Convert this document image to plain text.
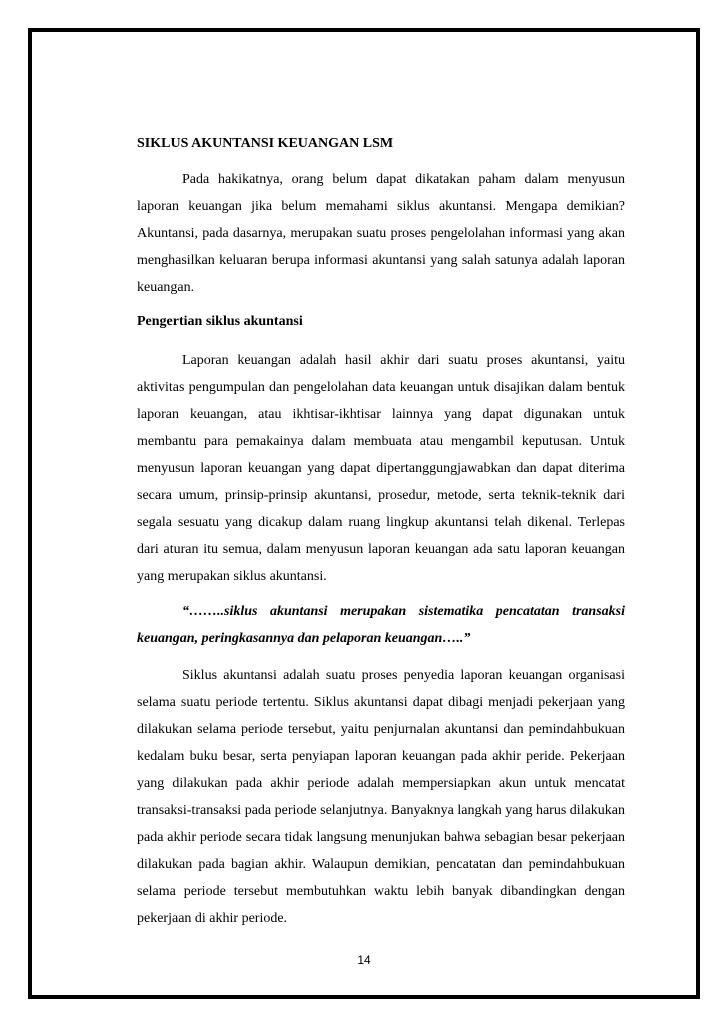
SIKLUS AKUNTANSI KEUANGAN LSM

Pada hakikatnya, orang belum dapat dikatakan paham dalam menyusun laporan keuangan jika belum memahami siklus akuntansi. Mengapa demikian? Akuntansi, pada dasarnya, merupakan suatu proses pengelolahan informasi yang akan menghasilkan keluaran berupa informasi akuntansi yang salah satunya adalah laporan keuangan.

Pengertian siklus akuntansi

Laporan keuangan adalah hasil akhir dari suatu proses akuntansi, yaitu aktivitas pengumpulan dan pengelolahan data keuangan untuk disajikan dalam bentuk laporan keuangan, atau ikhtisar-ikhtisar lainnya yang dapat digunakan untuk membantu para pemakainya dalam membuata atau mengambil keputusan. Untuk menyusun laporan keuangan yang dapat dipertanggungjawabkan dan dapat diterima secara umum, prinsip-prinsip akuntansi, prosedur, metode, serta teknik-teknik dari segala sesuatu yang dicakup dalam ruang lingkup akuntansi telah dikenal. Terlepas dari aturan itu semua, dalam menyusun laporan keuangan ada satu laporan keuangan yang merupakan siklus akuntansi.

“……..siklus akuntansi merupakan sistematika pencatatan transaksi keuangan, peringkasannya dan pelaporan keuangan…..”

Siklus akuntansi adalah suatu proses penyedia laporan keuangan organisasi selama suatu periode tertentu. Siklus akuntansi dapat dibagi menjadi pekerjaan yang dilakukan selama periode tersebut, yaitu penjurnalan akuntansi dan pemindahbukuan kedalam buku besar, serta penyiapan laporan keuangan pada akhir peride. Pekerjaan yang dilakukan pada akhir periode adalah mempersiapkan akun untuk mencatat transaksi-transaksi pada periode selanjutnya. Banyaknya langkah yang harus dilakukan pada akhir periode secara tidak langsung menunjukan bahwa sebagian besar pekerjaan dilakukan pada bagian akhir. Walaupun demikian, pencatatan dan pemindahbukuan selama periode tersebut membutuhkan waktu lebih banyak dibandingkan dengan pekerjaan di akhir periode.

14
